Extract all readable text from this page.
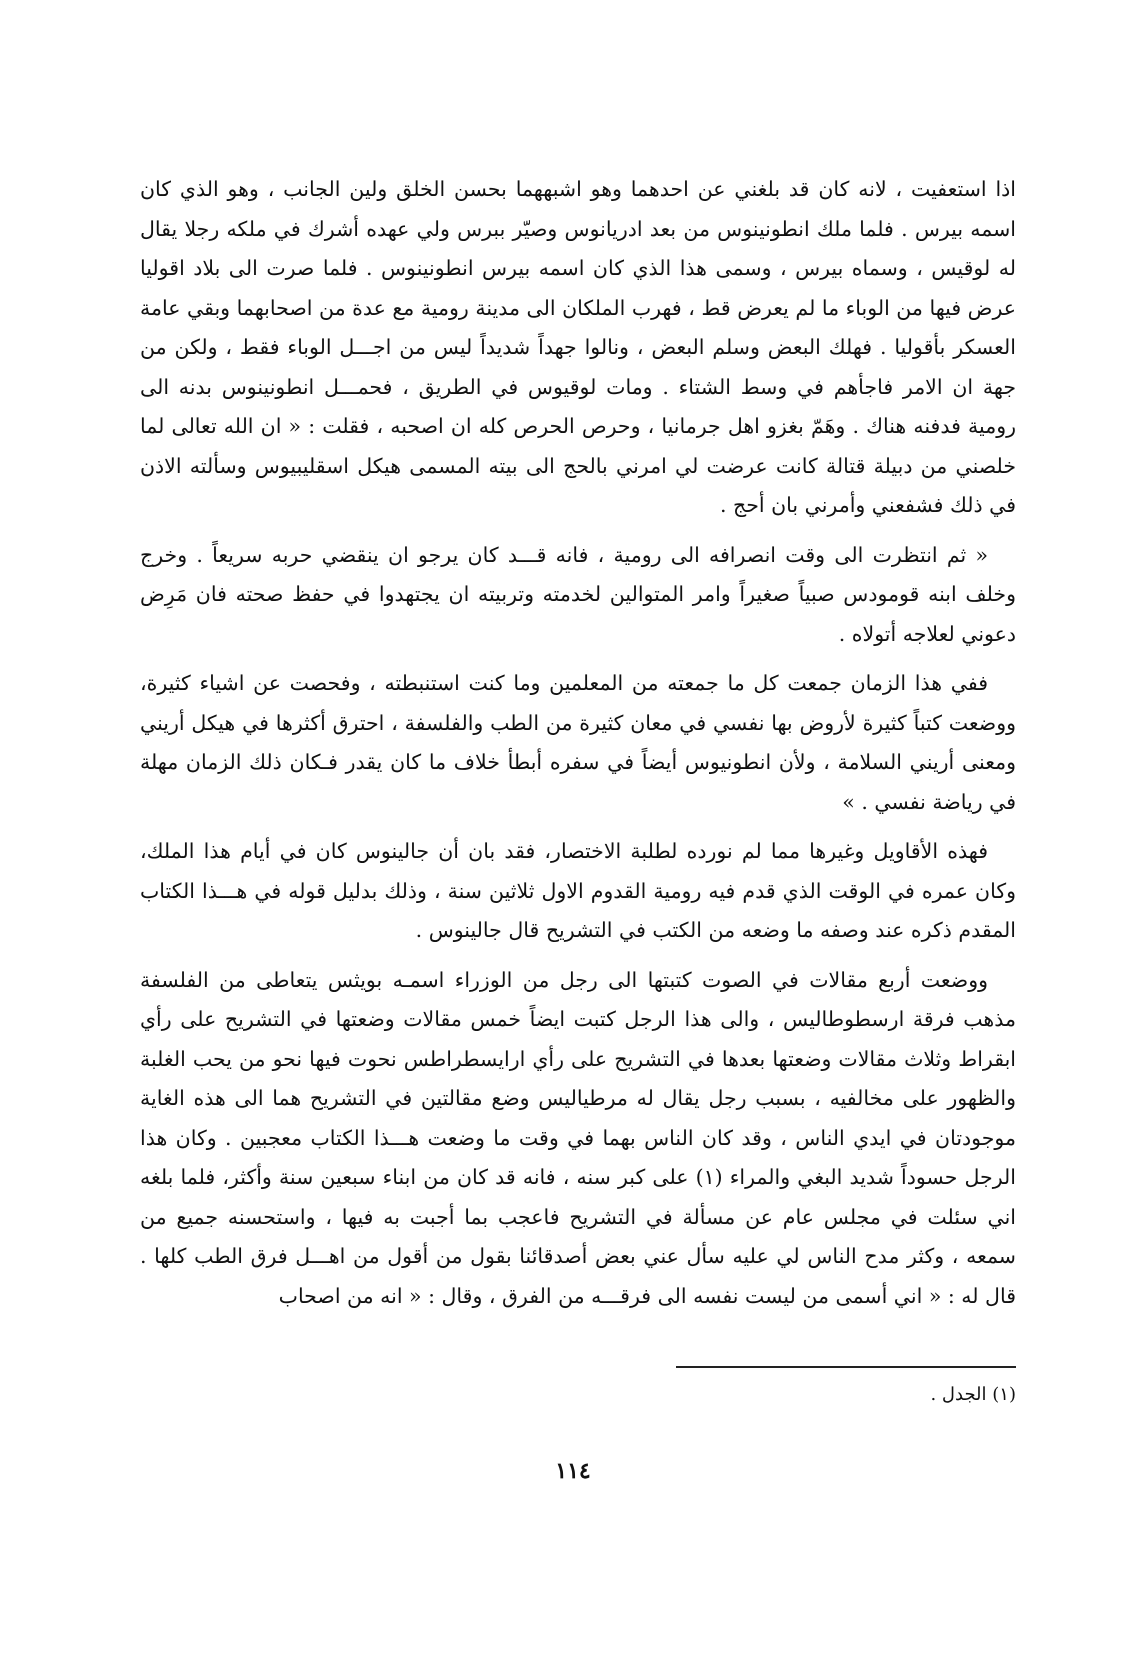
اذا استعفيت ، لانه كان قد بلغني عن احدهما وهو اشبههما بحسن الخلق ولين الجانب ، وهو الذي كان اسمه بيرس . فلما ملك انطونينوس من بعد ادريانوس وصيّر ببرس ولي عهده أشرك في ملكه رجلا يقال له لوقيس ، وسماه بيرس ، وسمى هذا الذي كان اسمه بيرس انطونينوس . فلما صرت الى بلاد اقوليا عرض فيها من الوباء ما لم يعرض قط ، فهرب الملكان الى مدينة رومية مع عدة من اصحابهما وبقي عامة العسكر بأقوليا . فهلك البعض وسلم البعض ، ونالوا جهداً شديداً ليس من اجـــل الوباء فقط ، ولكن من جهة ان الامر فاجأهم في وسط الشتاء . ومات لوقيوس في الطريق ، فحمـــل انطونينوس بدنه الى رومية فدفنه هناك . وهَمّ بغزو اهل جرمانيا ، وحرص الحرص كله ان اصحبه ، فقلت : « ان الله تعالى لما خلصني من دبيلة قتالة كانت عرضت لي امرني بالحج الى بيته المسمى هيكل اسقليبيوس وسألته الاذن في ذلك فشفعني وأمرني بان أحج .

« ثم انتظرت الى وقت انصرافه الى رومية ، فانه قـــد كان يرجو ان ينقضي حربه سريعاً . وخرج وخلف ابنه قومودس صبياً صغيراً وامر المتوالين لخدمته وتربيته ان يجتهدوا في حفظ صحته فان مَرِض دعوني لعلاجه أتولاه .

ففي هذا الزمان جمعت كل ما جمعته من المعلمين وما كنت استنبطته ، وفحصت عن اشياء كثيرة، ووضعت كتباً كثيرة لأروض بها نفسي في معان كثيرة من الطب والفلسفة ، احترق أكثرها في هيكل أريني ومعنى أريني السلامة ، ولأن انطونيوس أيضاً في سفره أبطأ خلاف ما كان يقدر فـكان ذلك الزمان مهلة في رياضة نفسي . »

فهذه الأقاويل وغيرها مما لم نورده لطلبة الاختصار، فقد بان أن جالينوس كان في أيام هذا الملك، وكان عمره في الوقت الذي قدم فيه رومية القدوم الاول ثلاثين سنة ، وذلك بدليل قوله في هـــذا الكتاب المقدم ذكره عند وصفه ما وضعه من الكتب في التشريح قال جالينوس .

ووضعت أربع مقالات في الصوت كتبتها الى رجل من الوزراء اسمـه بويثس يتعاطى من الفلسفة مذهب فرقة ارسطوطاليس ، والى هذا الرجل كتبت ايضاً خمس مقالات وضعتها في التشريح على رأي ابقراط وثلاث مقالات وضعتها بعدها في التشريح على رأي ارايسطراطس نحوت فيها نحو من يحب الغلبة والظهور على مخالفيه ، بسبب رجل يقال له مرطياليس وضع مقالتين في التشريح هما الى هذه الغاية موجودتان في ايدي الناس ، وقد كان الناس بهما في وقت ما وضعت هـــذا الكتاب معجبين . وكان هذا الرجل حسوداً شديد البغي والمراء (١) على كبر سنه ، فانه قد كان من ابناء سبعين سنة وأكثر، فلما بلغه اني سئلت في مجلس عام عن مسألة في التشريح فاعجب بما أجبت به فيها ، واستحسنه جميع من سمعه ، وكثر مدح الناس لي عليه سأل عني بعض أصدقائنا بقول من أقول من اهـــل فرق الطب كلها . قال له : « اني أسمى من ليست نفسه الى فرقـــه من الفرق ، وقال : « انه من اصحاب

(١) الجدل .

١١٤
